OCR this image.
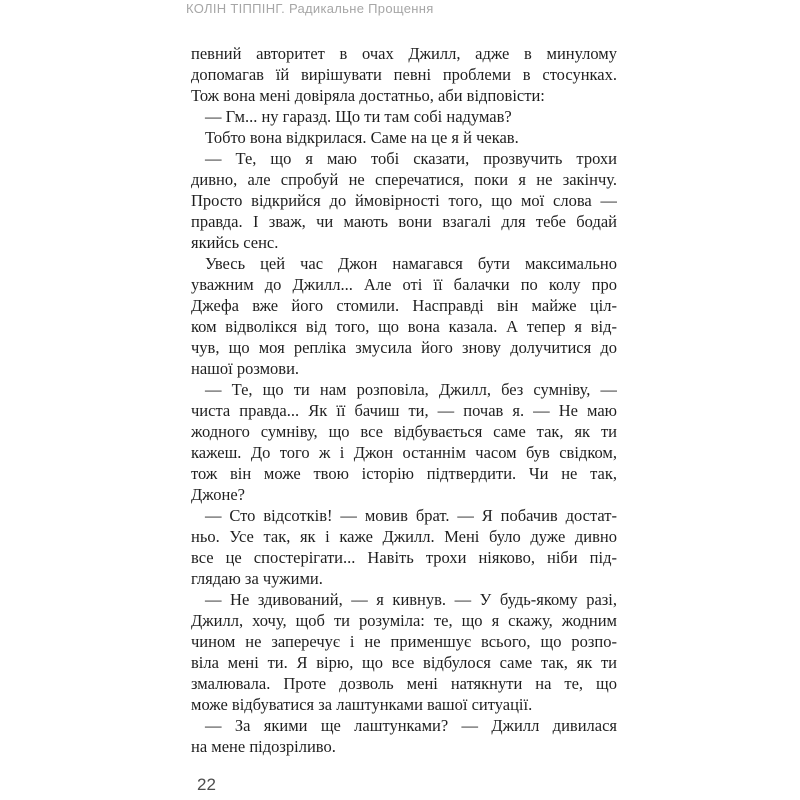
КОЛІН ТІППІНГ. Радикальне Прощення
певний авторитет в очах Джилл, адже в минулому
допомагав їй вирішувати певні проблеми в стосунках.
Тож вона мені довіряла достатньо, аби відповісти:
— Гм... ну гаразд. Що ти там собі надумав?
Тобто вона відкрилася. Саме на це я й чекав.
— Те, що я маю тобі сказати, прозвучить трохи
дивно, але спробуй не сперечатися, поки я не закінчу.
Просто відкрийся до ймовірності того, що мої слова —
правда. І зваж, чи мають вони взагалі для тебе бодай
якийсь сенс.
Увесь цей час Джон намагався бути максимально
уважним до Джилл... Але оті її балачки по колу про
Джефа вже його стомили. Насправді він майже ціл-
ком відволікся від того, що вона казала. А тепер я від-
чув, що моя репліка змусила його знову долучитися до
нашої розмови.
— Те, що ти нам розповіла, Джилл, без сумніву, —
чиста правда... Як її бачиш ти, — почав я. — Не маю
жодного сумніву, що все відбувається саме так, як ти
кажеш. До того ж і Джон останнім часом був свідком,
тож він може твою історію підтвердити. Чи не так,
Джоне?
— Сто відсотків! — мовив брат. — Я побачив достат-
ньо. Усе так, як і каже Джилл. Мені було дуже дивно
все це спостерігати... Навіть трохи ніяково, ніби під-
глядаю за чужими.
— Не здивований, — я кивнув. — У будь-якому разі,
Джилл, хочу, щоб ти розуміла: те, що я скажу, жодним
чином не заперечує і не применшує всього, що розпо-
віла мені ти. Я вірю, що все відбулося саме так, як ти
змалювала. Проте дозволь мені натякнути на те, що
може відбуватися за лаштунками вашої ситуації.
— За якими ще лаштунками? — Джилл дивилася
на мене підозріливо.
22
